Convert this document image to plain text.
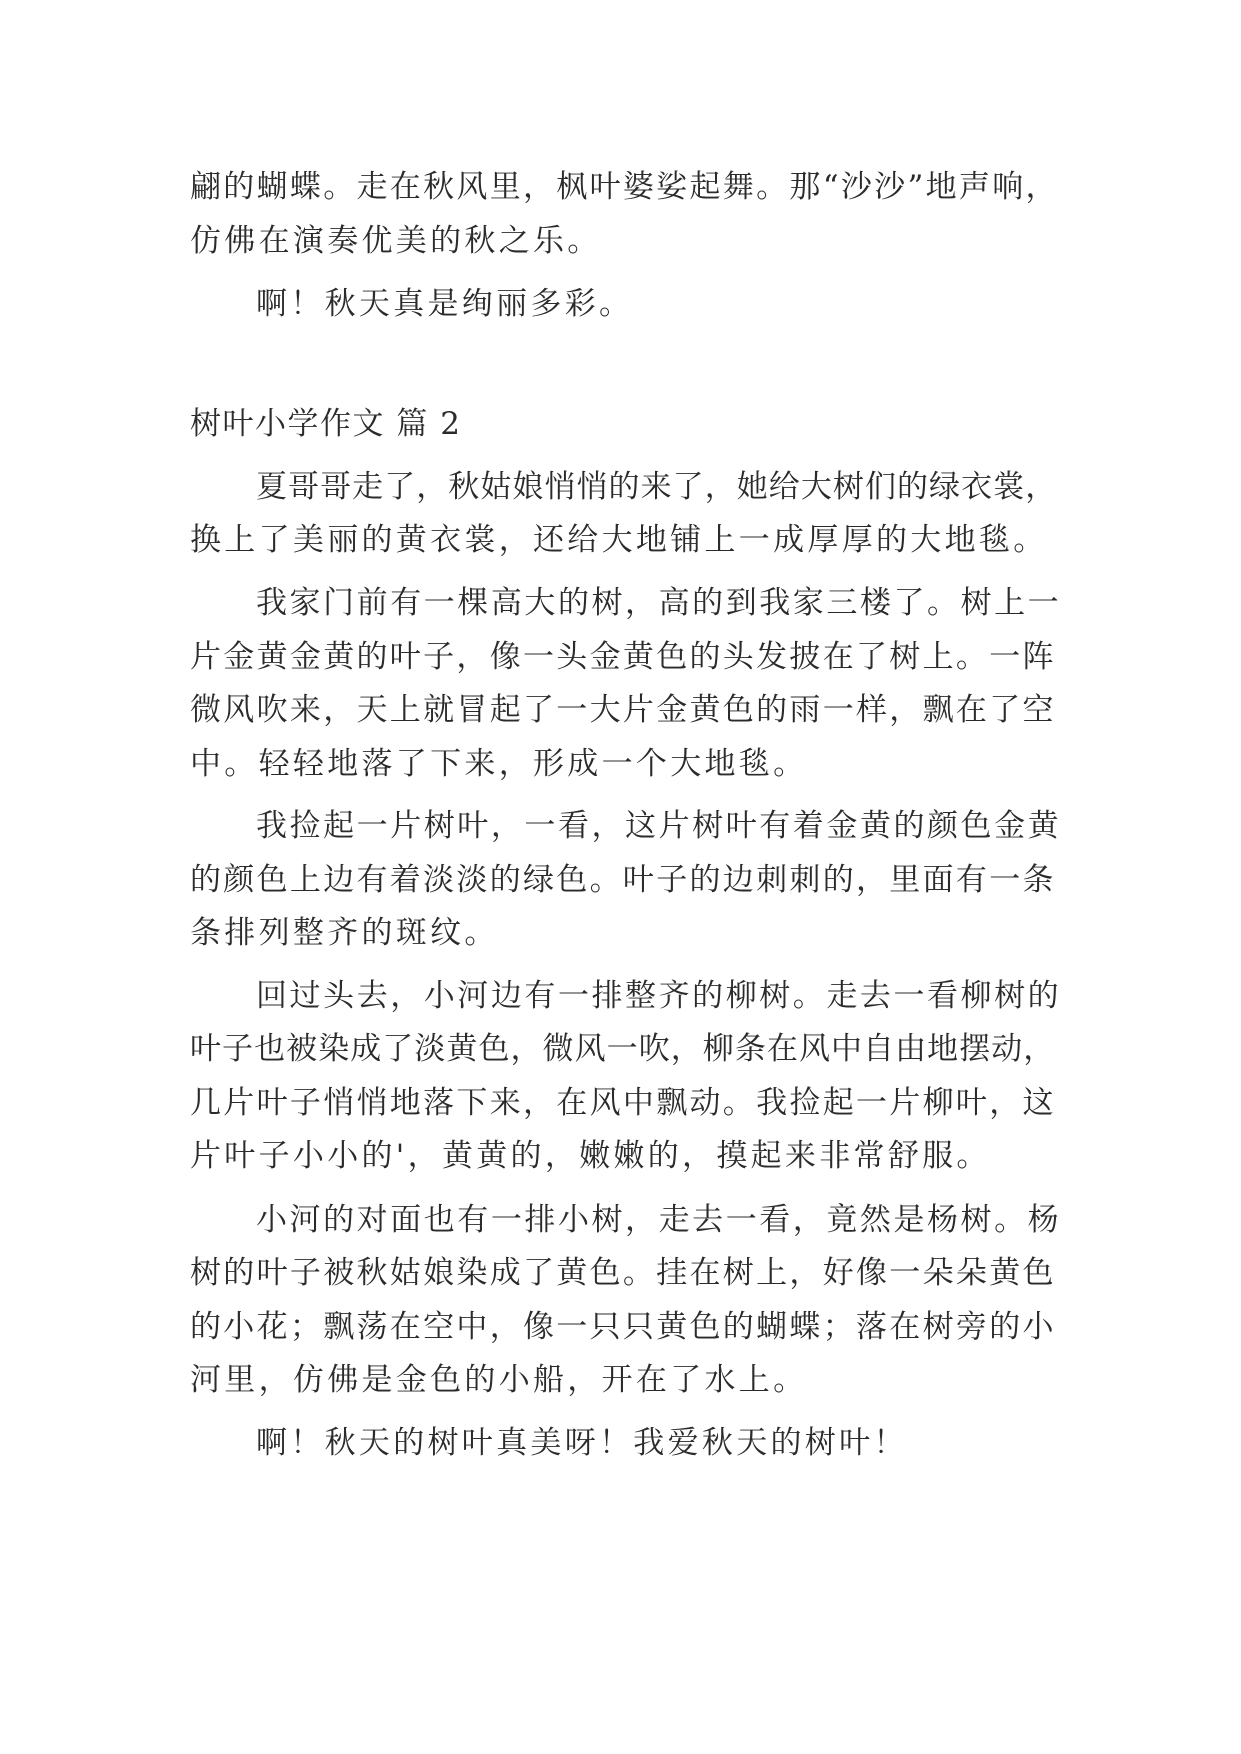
翩的蝴蝶。走在秋风里，枫叶婆娑起舞。那“沙沙”地声响，

仿佛在演奏优美的秋之乐。

啊！秋天真是绚丽多彩。

树叶小学作文 篇 2

夏哥哥走了，秋姑娘悄悄的来了，她给大树们的绿衣裳，

换上了美丽的黄衣裳，还给大地铺上一成厚厚的大地毯。

我家门前有一棵高大的树，高的到我家三楼了。树上一

片金黄金黄的叶子，像一头金黄色的头发披在了树上。一阵

微风吹来，天上就冒起了一大片金黄色的雨一样，飘在了空

中。轻轻地落了下来，形成一个大地毯。

我捡起一片树叶，一看，这片树叶有着金黄的颜色金黄

的颜色上边有着淡淡的绿色。叶子的边刺刺的，里面有一条

条排列整齐的斑纹。

回过头去，小河边有一排整齐的柳树。走去一看柳树的

叶子也被染成了淡黄色，微风一吹，柳条在风中自由地摆动，

几片叶子悄悄地落下来，在风中飘动。我捡起一片柳叶，这

片叶子小小的'，黄黄的，嫩嫩的，摸起来非常舒服。

小河的对面也有一排小树，走去一看，竟然是杨树。杨

树的叶子被秋姑娘染成了黄色。挂在树上，好像一朵朵黄色

的小花；飘荡在空中，像一只只黄色的蝴蝶；落在树旁的小

河里，仿佛是金色的小船，开在了水上。

啊！秋天的树叶真美呀！我爱秋天的树叶！
